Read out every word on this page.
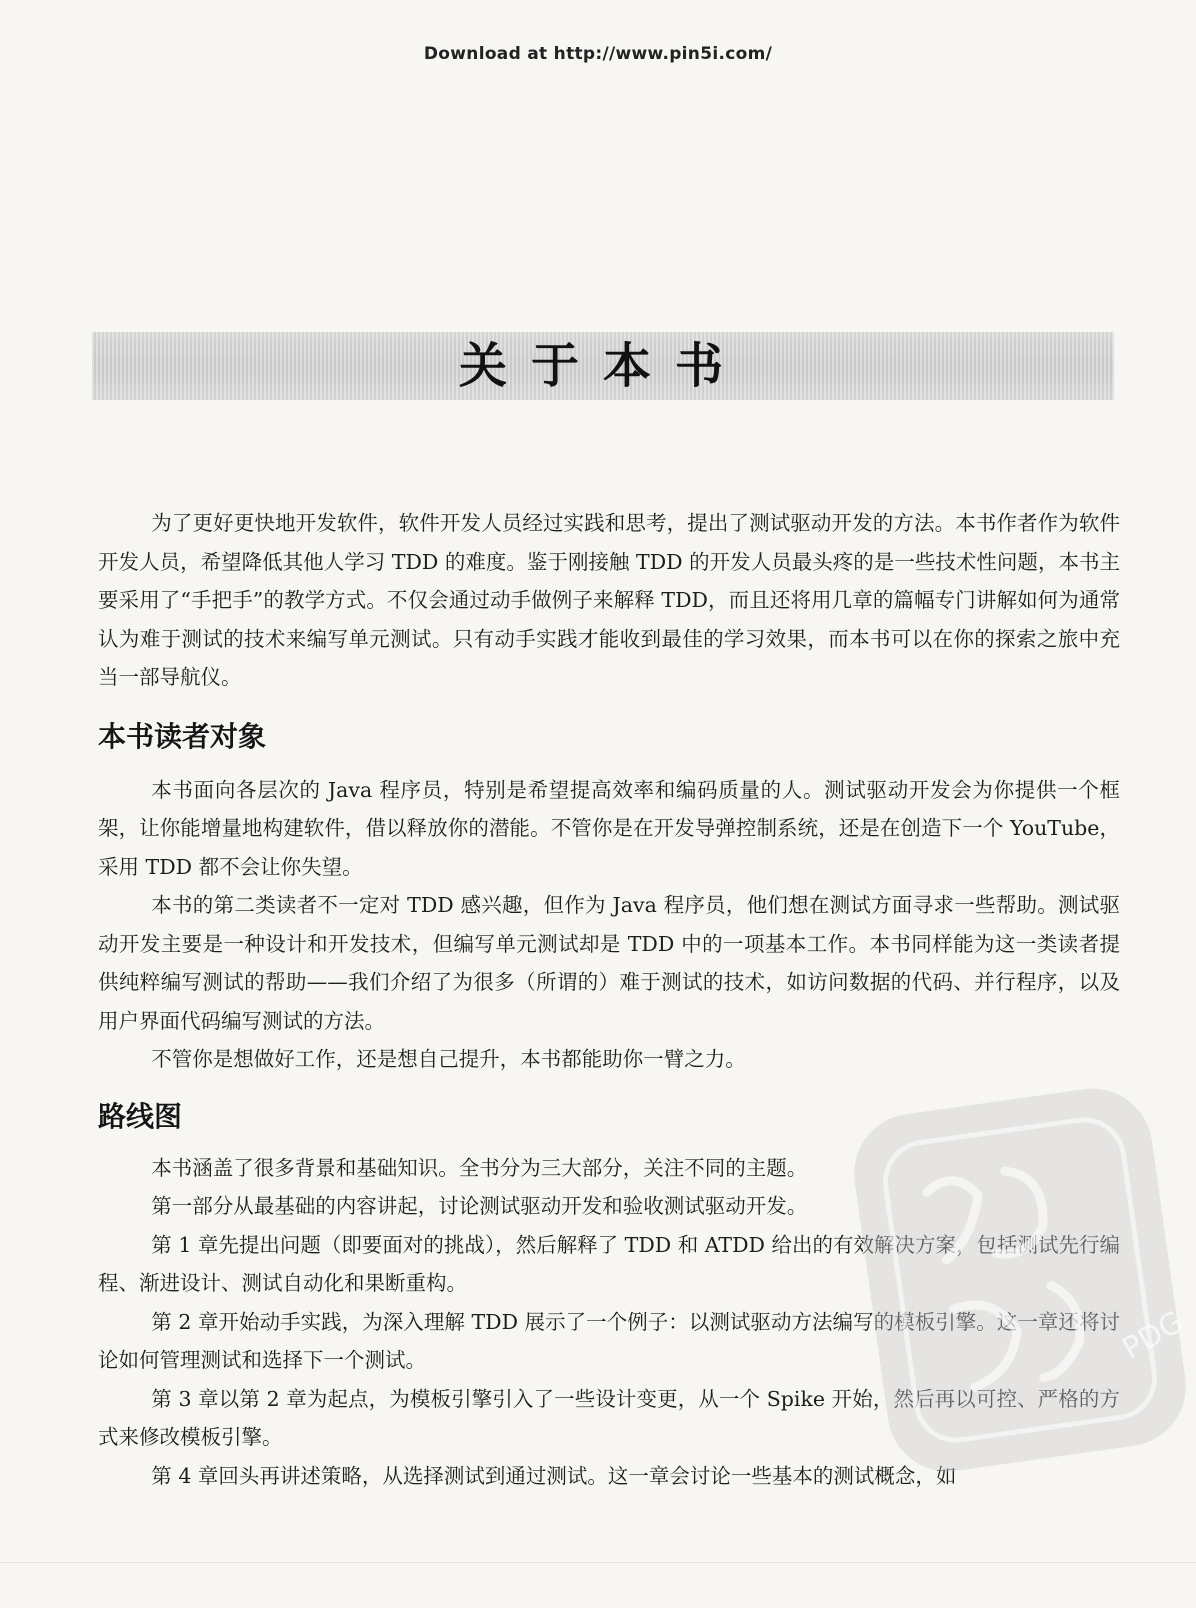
Download at http://www.pin5i.com/
关于本书

为了更好更快地开发软件，软件开发人员经过实践和思考，提出了测试驱动开发的方法。本书作者作为软件开发人员，希望降低其他人学习 TDD 的难度。鉴于刚接触 TDD 的开发人员最头疼的是一些技术性问题，本书主要采用了“手把手”的教学方式。不仅会通过动手做例子来解释 TDD，而且还将用几章的篇幅专门讲解如何为通常认为难于测试的技术来编写单元测试。只有动手实践才能收到最佳的学习效果，而本书可以在你的探索之旅中充当一部导航仪。

本书读者对象

本书面向各层次的 Java 程序员，特别是希望提高效率和编码质量的人。测试驱动开发会为你提供一个框架，让你能增量地构建软件，借以释放你的潜能。不管你是在开发导弹控制系统，还是在创造下一个 YouTube，采用 TDD 都不会让你失望。

本书的第二类读者不一定对 TDD 感兴趣，但作为 Java 程序员，他们想在测试方面寻求一些帮助。测试驱动开发主要是一种设计和开发技术，但编写单元测试却是 TDD 中的一项基本工作。本书同样能为这一类读者提供纯粹编写测试的帮助——我们介绍了为很多（所谓的）难于测试的技术，如访问数据的代码、并行程序，以及用户界面代码编写测试的方法。

不管你是想做好工作，还是想自己提升，本书都能助你一臂之力。

路线图

本书涵盖了很多背景和基础知识。全书分为三大部分，关注不同的主题。

第一部分从最基础的内容讲起，讨论测试驱动开发和验收测试驱动开发。

第 1 章先提出问题（即要面对的挑战），然后解释了 TDD 和 ATDD 给出的有效解决方案，包括测试先行编程、渐进设计、测试自动化和果断重构。

第 2 章开始动手实践，为深入理解 TDD 展示了一个例子：以测试驱动方法编写的模板引擎。这一章还将讨论如何管理测试和选择下一个测试。

第 3 章以第 2 章为起点，为模板引擎引入了一些设计变更，从一个 Spike 开始，然后再以可控、严格的方式来修改模板引擎。

第 4 章回头再讲述策略，从选择测试到通过测试。这一章会讨论一些基本的测试概念，如

PDG
